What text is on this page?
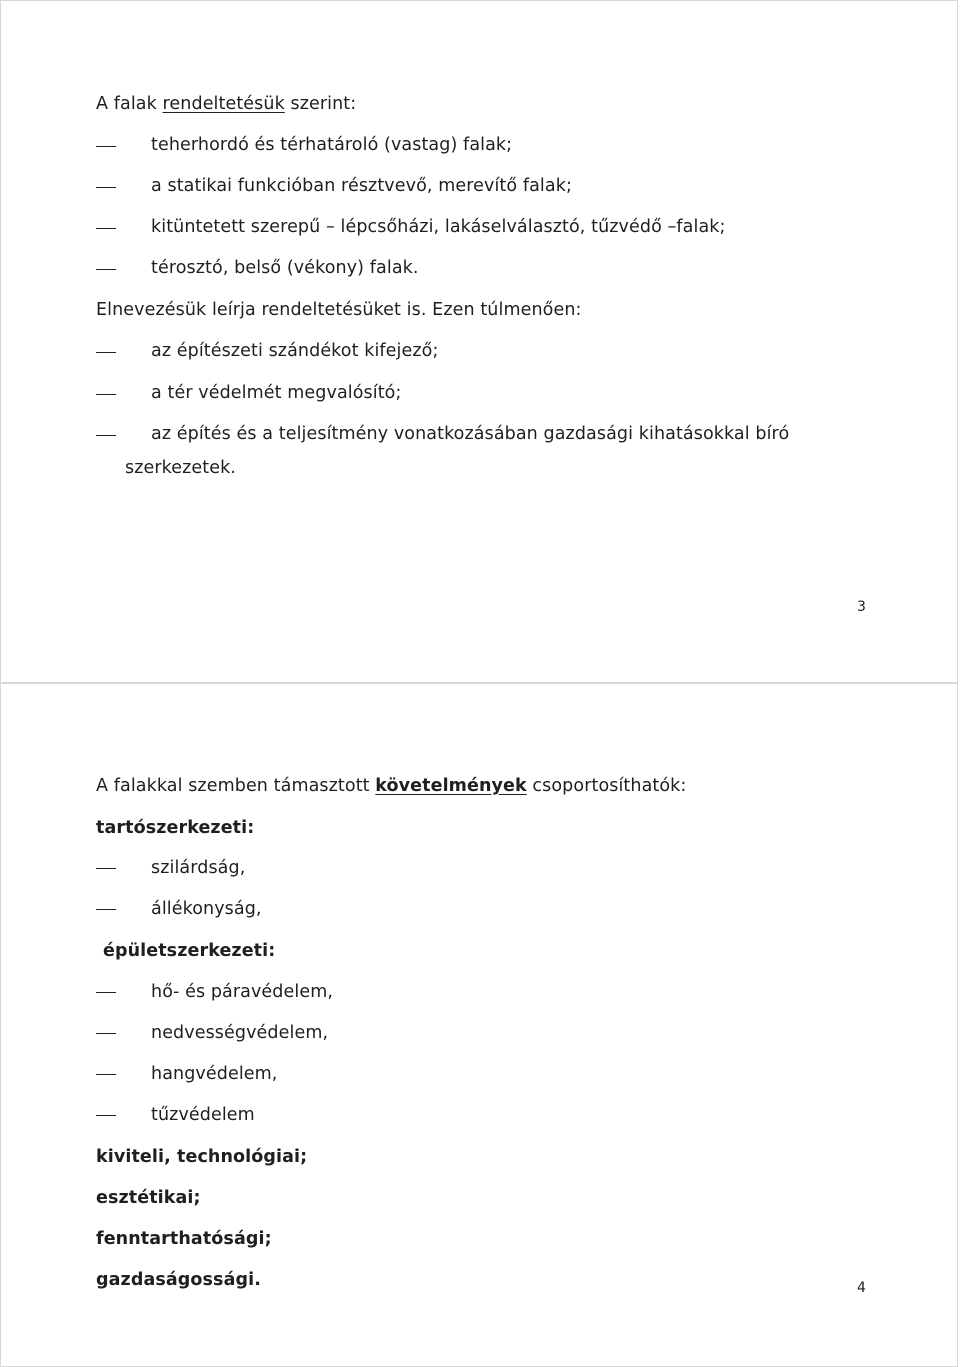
A falak rendeltetésük szerint:
teherhordó és térhatároló (vastag) falak;
a statikai funkcióban résztvevő, merevítő falak;
kitüntetett szerepű – lépcsőházi, lakáselválasztó, tűzvédő –falak;
térosztó, belső (vékony) falak.
Elnevezésük leírja rendeltetésüket is. Ezen túlmenően:
az építészeti szándékot kifejező;
a tér védelmét megvalósító;
az építés és a teljesítmény vonatkozásában gazdasági kihatásokkal bíró
szerkezetek.
3
A falakkal szemben támasztott követelmények csoportosíthatók:
tartószerkezeti:
szilárdság,
állékonyság,
épületszerkezeti:
hő- és páravédelem,
nedvességvédelem,
hangvédelem,
tűzvédelem
kiviteli, technológiai;
esztétikai;
fenntarthatósági;
gazdaságossági.	4
